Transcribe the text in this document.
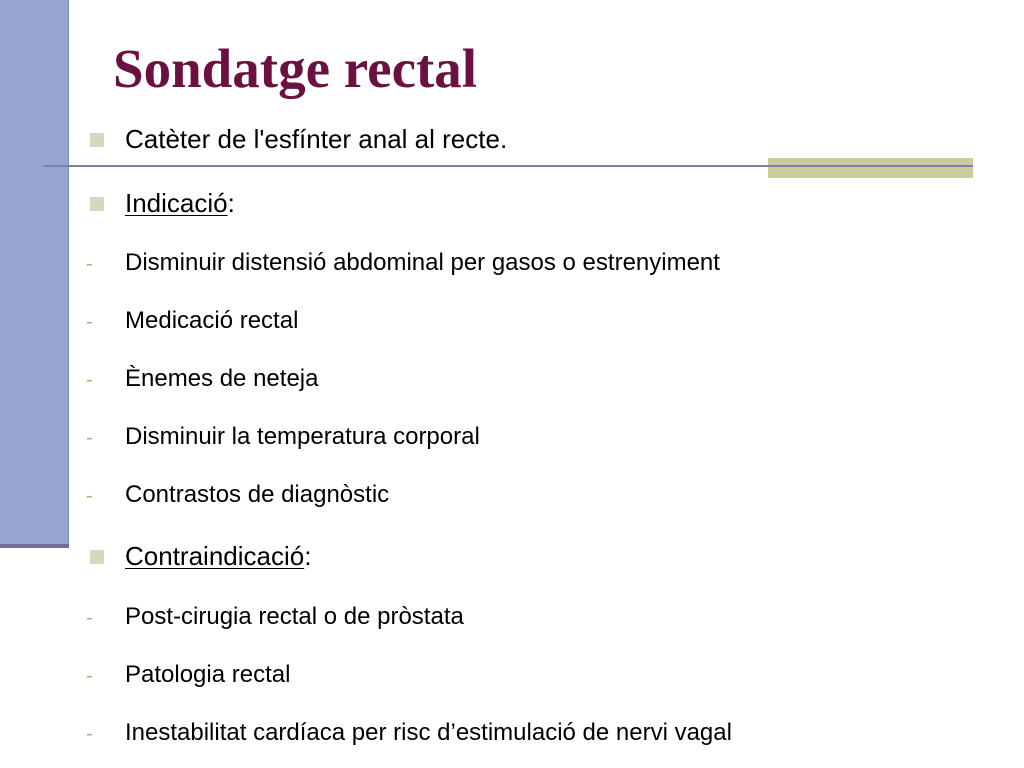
Sondatge rectal
Catèter de l'esfínter anal al recte.
Indicació:
- Disminuir distensió abdominal per gasos o estrenyiment
- Medicació rectal
- Ènemes de neteja
- Disminuir la temperatura corporal
- Contrastos de diagnòstic
Contraindicació:
- Post-cirugia rectal o de pròstata
- Patologia rectal
- Inestabilitat cardíaca per risc d’estimulació de nervi vagal
